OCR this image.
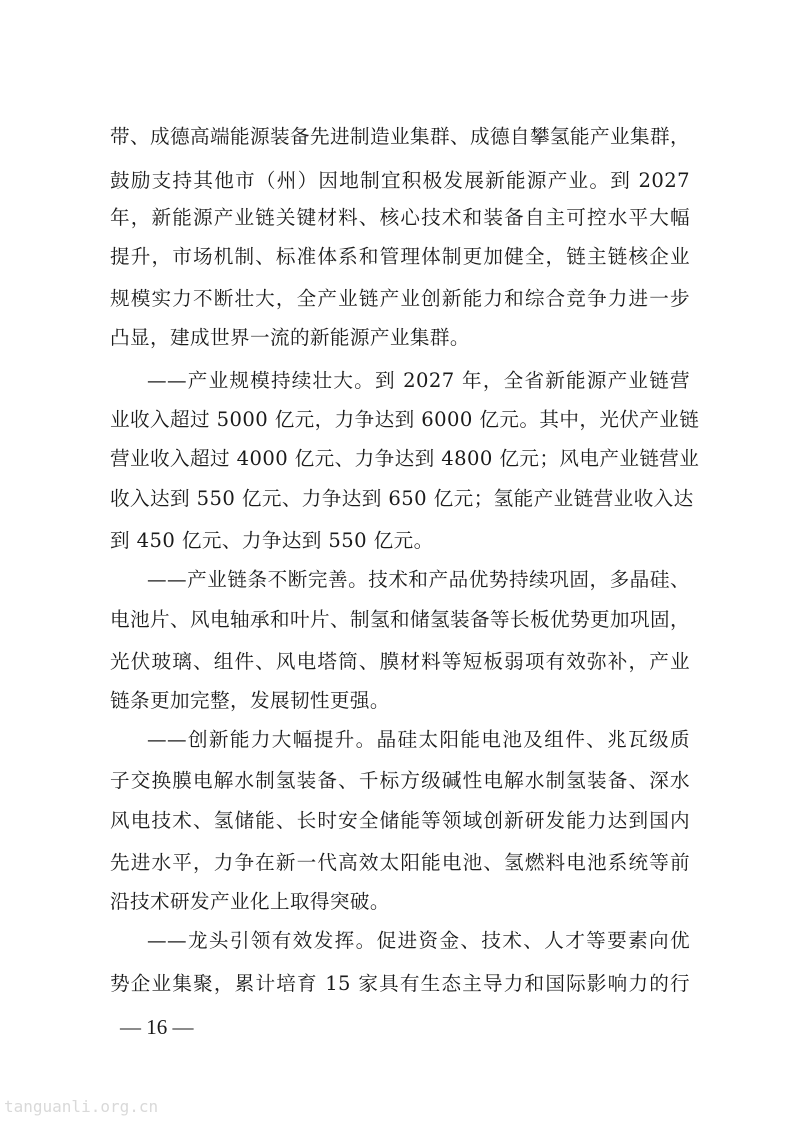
带、成德高端能源装备先进制造业集群、成德自攀氢能产业集群，
鼓励支持其他市（州）因地制宜积极发展新能源产业。到 2027
年，新能源产业链关键材料、核心技术和装备自主可控水平大幅
提升，市场机制、标准体系和管理体制更加健全，链主链核企业
规模实力不断壮大，全产业链产业创新能力和综合竞争力进一步
凸显，建成世界一流的新能源产业集群。
——产业规模持续壮大。到 2027 年，全省新能源产业链营
业收入超过 5000 亿元，力争达到 6000 亿元。其中，光伏产业链
营业收入超过 4000 亿元、力争达到 4800 亿元；风电产业链营业
收入达到 550 亿元、力争达到 650 亿元；氢能产业链营业收入达
到 450 亿元、力争达到 550 亿元。
——产业链条不断完善。技术和产品优势持续巩固，多晶硅、
电池片、风电轴承和叶片、制氢和储氢装备等长板优势更加巩固，
光伏玻璃、组件、风电塔筒、膜材料等短板弱项有效弥补，产业
链条更加完整，发展韧性更强。
——创新能力大幅提升。晶硅太阳能电池及组件、兆瓦级质
子交换膜电解水制氢装备、千标方级碱性电解水制氢装备、深水
风电技术、氢储能、长时安全储能等领域创新研发能力达到国内
先进水平，力争在新一代高效太阳能电池、氢燃料电池系统等前
沿技术研发产业化上取得突破。
——龙头引领有效发挥。促进资金、技术、人才等要素向优
势企业集聚，累计培育 15 家具有生态主导力和国际影响力的行
— 16 —
tanguanli.org.cn
